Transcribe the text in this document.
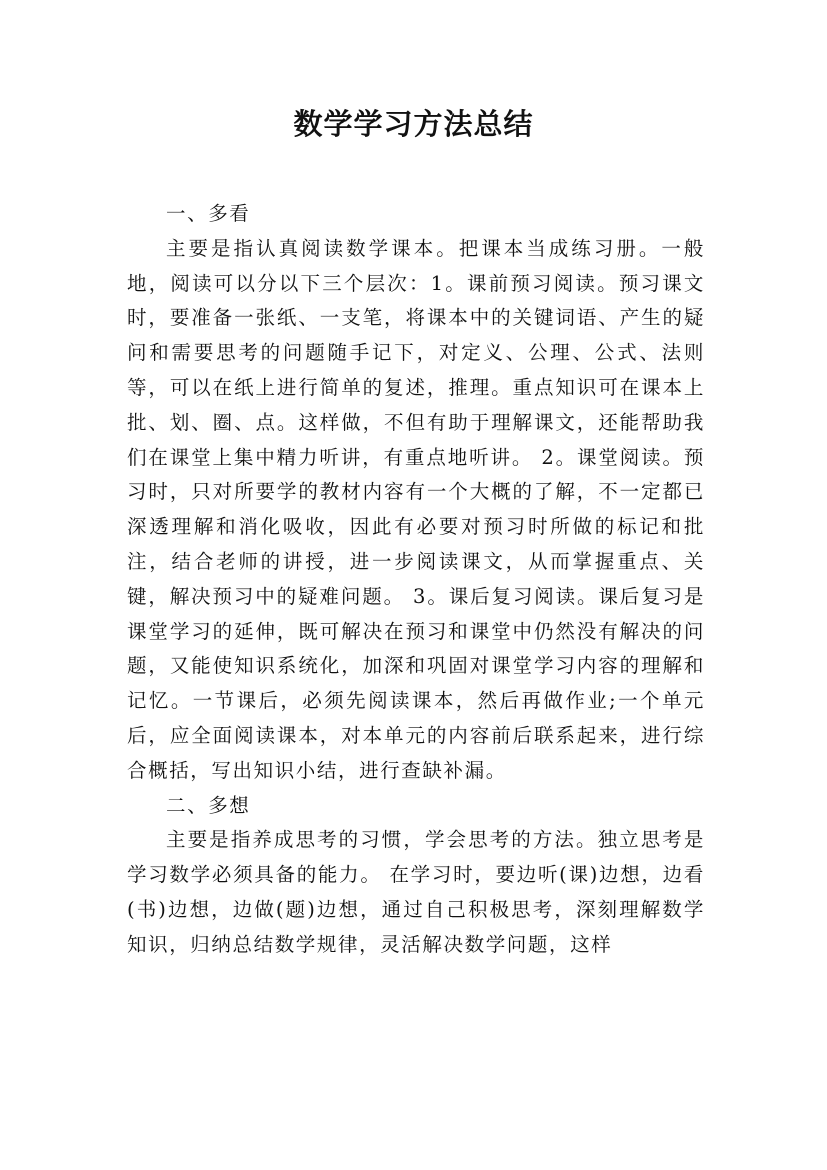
数学学习方法总结
一、多看

主要是指认真阅读数学课本。把课本当成练习册。一般地，阅读可以分以下三个层次：1。课前预习阅读。预习课文时，要准备一张纸、一支笔，将课本中的关键词语、产生的疑问和需要思考的问题随手记下，对定义、公理、公式、法则等，可以在纸上进行简单的复述，推理。重点知识可在课本上批、划、圈、点。这样做，不但有助于理解课文，还能帮助我们在课堂上集中精力听讲，有重点地听讲。 2。课堂阅读。预习时，只对所要学的教材内容有一个大概的了解，不一定都已深透理解和消化吸收，因此有必要对预习时所做的标记和批注，结合老师的讲授，进一步阅读课文，从而掌握重点、关键，解决预习中的疑难问题。 3。课后复习阅读。课后复习是课堂学习的延伸，既可解决在预习和课堂中仍然没有解决的问题，又能使知识系统化，加深和巩固对课堂学习内容的理解和记忆。一节课后，必须先阅读课本，然后再做作业;一个单元后，应全面阅读课本，对本单元的内容前后联系起来，进行综合概括，写出知识小结，进行查缺补漏。

二、多想

主要是指养成思考的习惯，学会思考的方法。独立思考是学习数学必须具备的能力。 在学习时，要边听(课)边想，边看(书)边想，边做(题)边想，通过自己积极思考，深刻理解数学知识，归纳总结数学规律，灵活解决数学问题，这样
